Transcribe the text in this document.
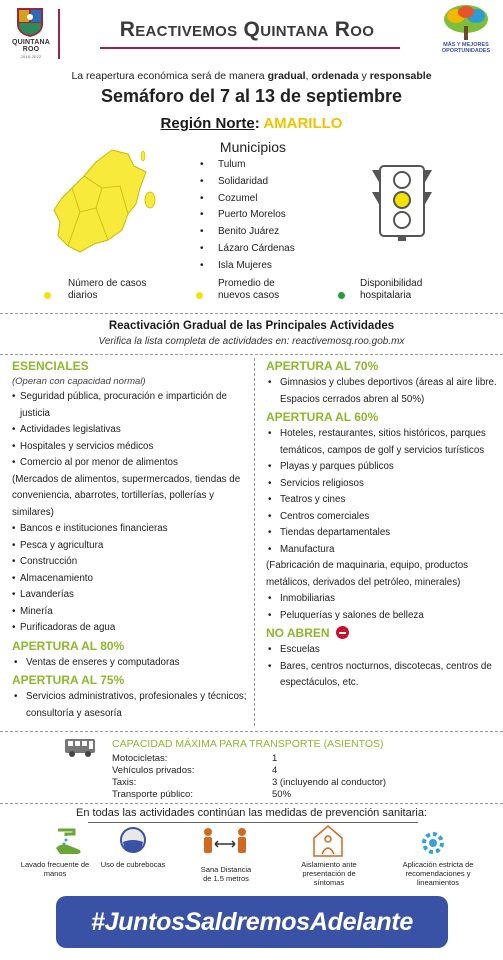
QUINTANA ROO
2016-2022
Reactivemos Quintana Roo
MÁS Y MEJORES OPORTUNIDADES
La reapertura económica será de manera gradual, ordenada y responsable
Semáforo del 7 al 13 de septiembre
Región Norte: AMARILLO
Municipios
• Tulum
• Solidaridad
• Cozumel
• Puerto Morelos
• Benito Juárez
• Lázaro Cárdenas
• Isla Mujeres
Número de casos diarios
Promedio de nuevos casos
Disponibilidad hospitalaria
Reactivación Gradual de las Principales Actividades
Verifica la lista completa de actividades en: reactivemosq.roo.gob.mx
ESENCIALES
(Operan con capacidad normal)
• Seguridad pública, procuración e impartición de justicia
• Actividades legislativas
• Hospitales y servicios médicos
• Comercio al por menor de alimentos
(Mercados de alimentos, supermercados, tiendas de conveniencia, abarrotes, tortillerías, pollerías y similares)
• Bancos e instituciones financieras
• Pesca y agricultura
• Construcción
• Almacenamiento
• Lavanderías
• Minería
• Purificadoras de agua
APERTURA AL 80%
• Ventas de enseres y computadoras
APERTURA AL 75%
• Servicios administrativos, profesionales y técnicos; consultoría y asesoría
APERTURA AL 70%
• Gimnasios y clubes deportivos (áreas al aire libre. Espacios cerrados abren al 50%)
APERTURA AL 60%
• Hoteles, restaurantes, sitios históricos, parques temáticos, campos de golf y servicios turísticos
• Playas y parques públicos
• Servicios religiosos
• Teatros y cines
• Centros comerciales
• Tiendas departamentales
• Manufactura
(Fabricación de maquinaria, equipo, productos metálicos, derivados del petróleo, minerales)
• Inmobiliarias
• Peluquerías y salones de belleza
NO ABREN
• Escuelas
• Bares, centros nocturnos, discotecas, centros de espectáculos, etc.
CAPACIDAD MÁXIMA PARA TRANSPORTE (ASIENTOS)
Motocicletas:	1
Vehículos privados:	4
Taxis:	3 (incluyendo al conductor)
Transporte público:	50%
En todas las actividades continúan las medidas de prevención sanitaria:
Lavado frecuente de manos
Uso de cubrebocas
Sana Distancia de 1.5 metros
Aislamiento ante presentación de síntomas
Aplicación estricta de recomendaciones y lineamientos
#JuntosSaldremosAdelante
